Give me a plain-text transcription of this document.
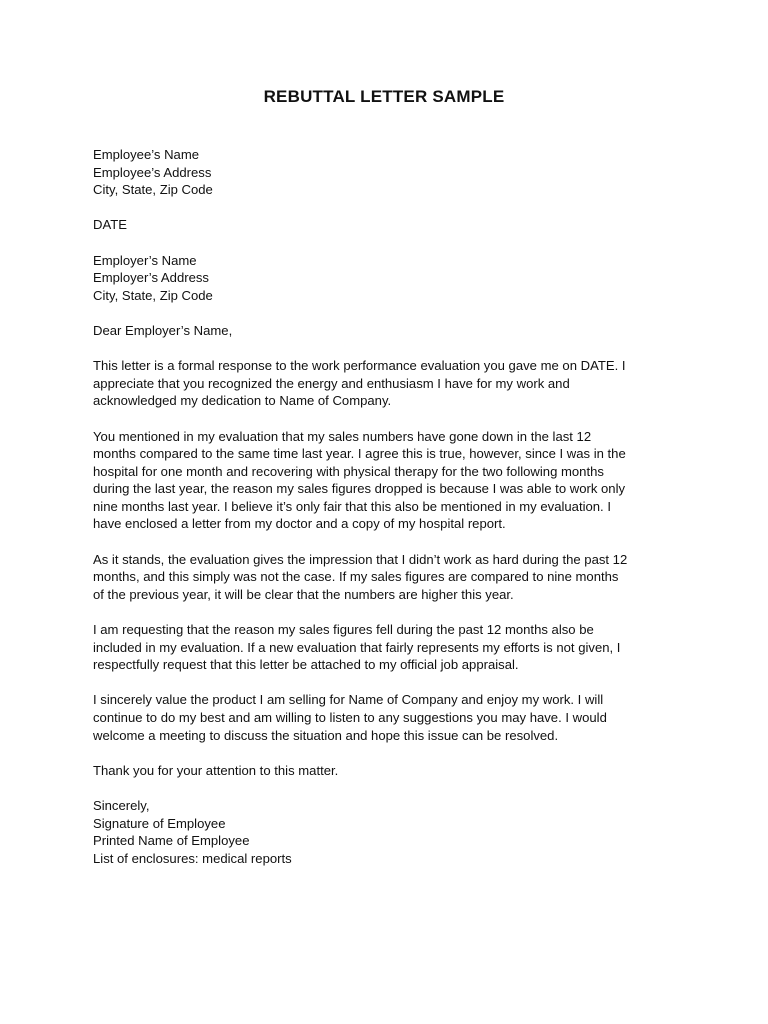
REBUTTAL LETTER SAMPLE
Employee’s Name
Employee’s Address
City, State, Zip Code
DATE
Employer’s Name
Employer’s Address
City, State, Zip Code
Dear Employer’s Name,
This letter is a formal response to the work performance evaluation you gave me on DATE. I
appreciate that you recognized the energy and enthusiasm I have for my work and
acknowledged my dedication to Name of Company.
You mentioned in my evaluation that my sales numbers have gone down in the last 12
months compared to the same time last year. I agree this is true, however, since I was in the
hospital for one month and recovering with physical therapy for the two following months
during the last year, the reason my sales figures dropped is because I was able to work only
nine months last year. I believe it’s only fair that this also be mentioned in my evaluation. I
have enclosed a letter from my doctor and a copy of my hospital report.
As it stands, the evaluation gives the impression that I didn’t work as hard during the past 12
months, and this simply was not the case. If my sales figures are compared to nine months
of the previous year, it will be clear that the numbers are higher this year.
I am requesting that the reason my sales figures fell during the past 12 months also be
included in my evaluation. If a new evaluation that fairly represents my efforts is not given, I
respectfully request that this letter be attached to my official job appraisal.
I sincerely value the product I am selling for Name of Company and enjoy my work. I will
continue to do my best and am willing to listen to any suggestions you may have. I would
welcome a meeting to discuss the situation and hope this issue can be resolved.
Thank you for your attention to this matter.
Sincerely,
Signature of Employee
Printed Name of Employee
List of enclosures: medical reports
